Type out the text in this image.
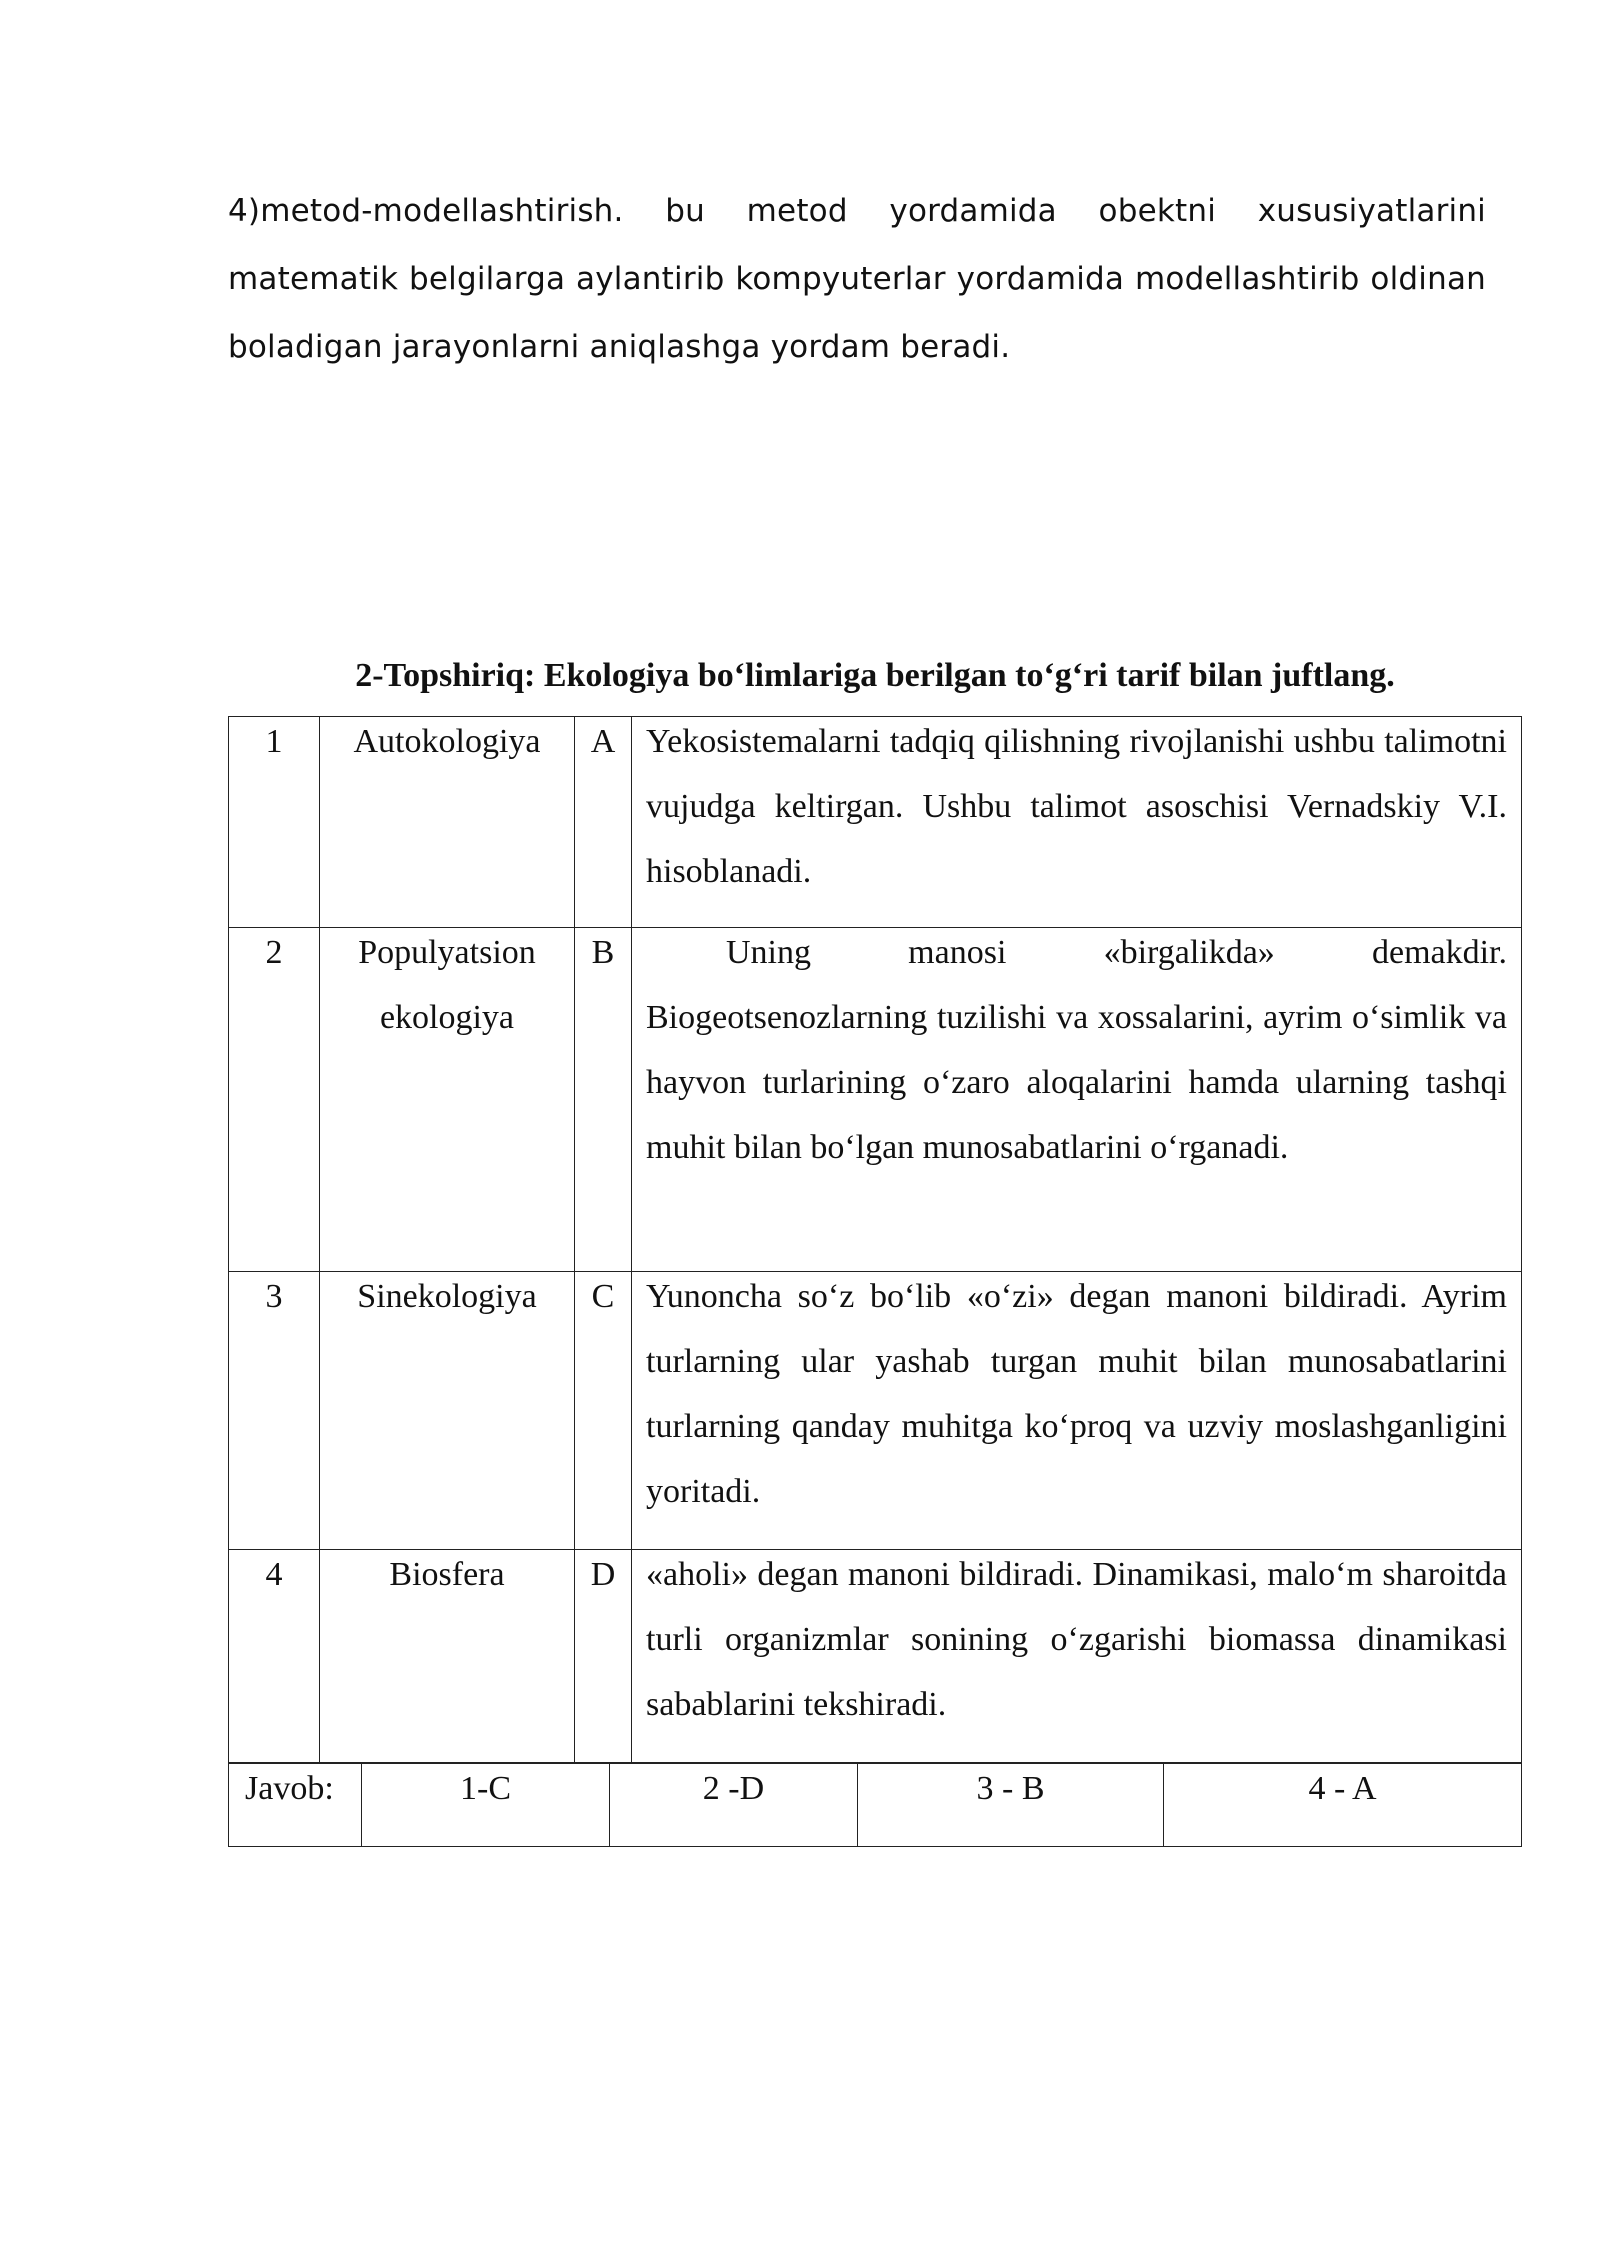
4)metod-modellashtirish. bu metod yordamida obektni xususiyatlarini matematik belgilarga aylantirib kompyuterlar yordamida modellashtirib oldinan boladigan jarayonlarni aniqlashga yordam beradi.

2-Topshiriq: Ekologiya bo‘limlariga berilgan to‘g‘ri tarif bilan juftlang.
1	Autokologiya	A	Yekosistemalarni tadqiq qilishning rivojlanishi ushbu talimotni vujudga keltirgan. Ushbu talimot asoschisi Vernadskiy V.I. hisoblanadi.

2	Populyatsion ekologiya	B	Uning manosi «birgalikda» demakdir. Biogeotsenozlarning tuzilishi va xossalarini, ayrim o‘simlik va hayvon turlarining o‘zaro aloqalarini hamda ularning tashqi muhit bilan bo‘lgan munosabatlarini o‘rganadi.

3	Sinekologiya	C	Yunoncha so‘z bo‘lib «o‘zi» degan manoni bildiradi. Ayrim turlarning ular yashab turgan muhit bilan munosabatlarini turlarning qanday muhitga ko‘proq va uzviy moslashganligini yoritadi.

4	Biosfera	D	«aholi» degan manoni bildiradi. Dinamikasi, malo‘m sharoitda turli organizmlar sonining o‘zgarishi biomassa dinamikasi sabablarini tekshiradi.
Javob:	1-C	2 -D	3 - B	4 - A
